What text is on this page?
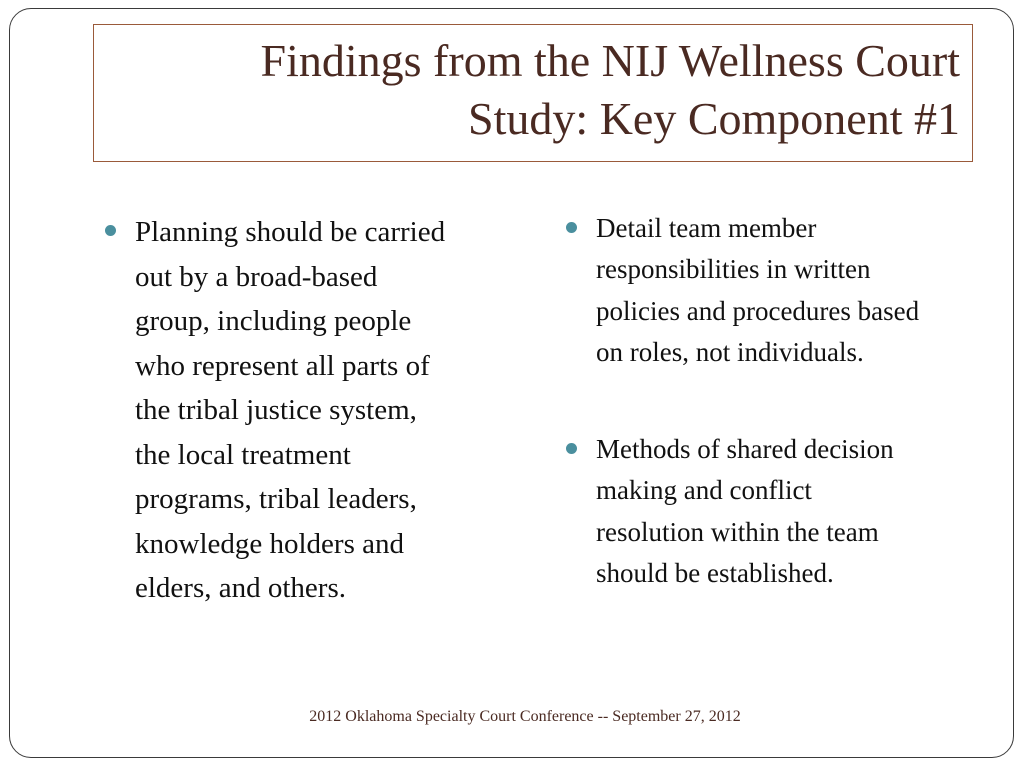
Findings from the NIJ Wellness Court
Study: Key Component #1
Planning should be carried
out by a broad-based
group, including people
who represent all parts of
the tribal justice system,
the local treatment
programs, tribal leaders,
knowledge holders and
elders, and others.
Detail team member
responsibilities in written
policies and procedures based
on roles, not individuals.
Methods of shared decision
making and conflict
resolution within the team
should be established.
2012 Oklahoma Specialty Court Conference -- September 27, 2012
